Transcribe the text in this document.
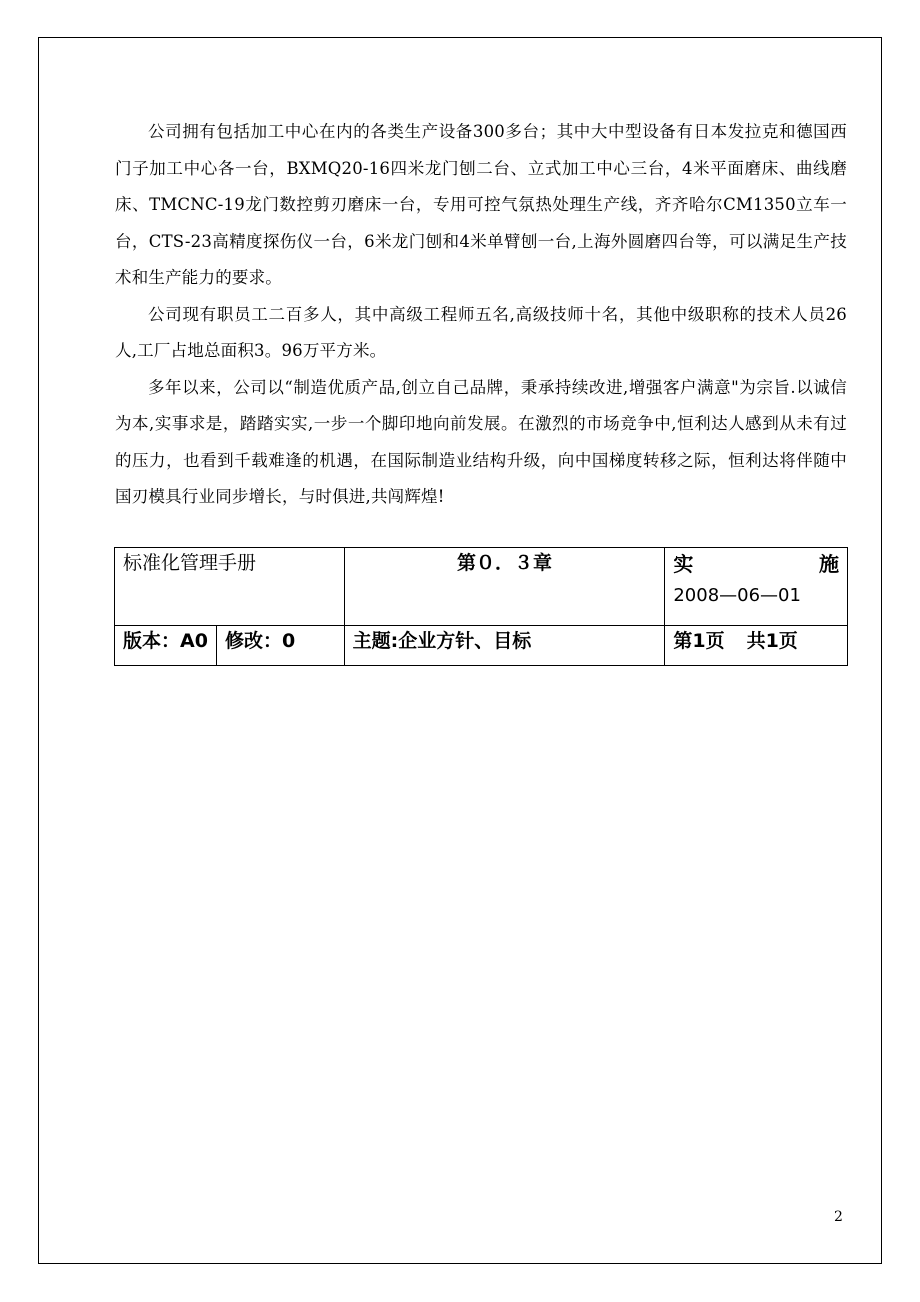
公司拥有包括加工中心在内的各类生产设备300多台；其中大中型设备有日本发拉克和德国西门子加工中心各一台，BXMQ20-16四米龙门刨二台、立式加工中心三台，4米平面磨床、曲线磨床、TMCNC-19龙门数控剪刃磨床一台，专用可控气氛热处理生产线，齐齐哈尔CM1350立车一台，CTS-23高精度探伤仪一台，6米龙门刨和4米单臂刨一台,上海外圆磨四台等，可以满足生产技术和生产能力的要求。

公司现有职员工二百多人，其中高级工程师五名,高级技师十名，其他中级职称的技术人员26人,工厂占地总面积3。96万平方米。

多年以来，公司以“制造优质产品,创立自己品牌，秉承持续改进,增强客户满意"为宗旨.以诚信为本,实事求是，踏踏实实,一步一个脚印地向前发展。在激烈的市场竞争中,恒利达人感到从未有过的压力，也看到千载难逢的机遇，在国际制造业结构升级，向中国梯度转移之际，恒利达将伴随中国刃模具行业同步增长，与时俱进,共闯辉煌!

标准化管理手册		第０．３章	实 施
2008—06—01

版本：A0	修改：0	主题:企业方针、目标	第1页 共1页
2
